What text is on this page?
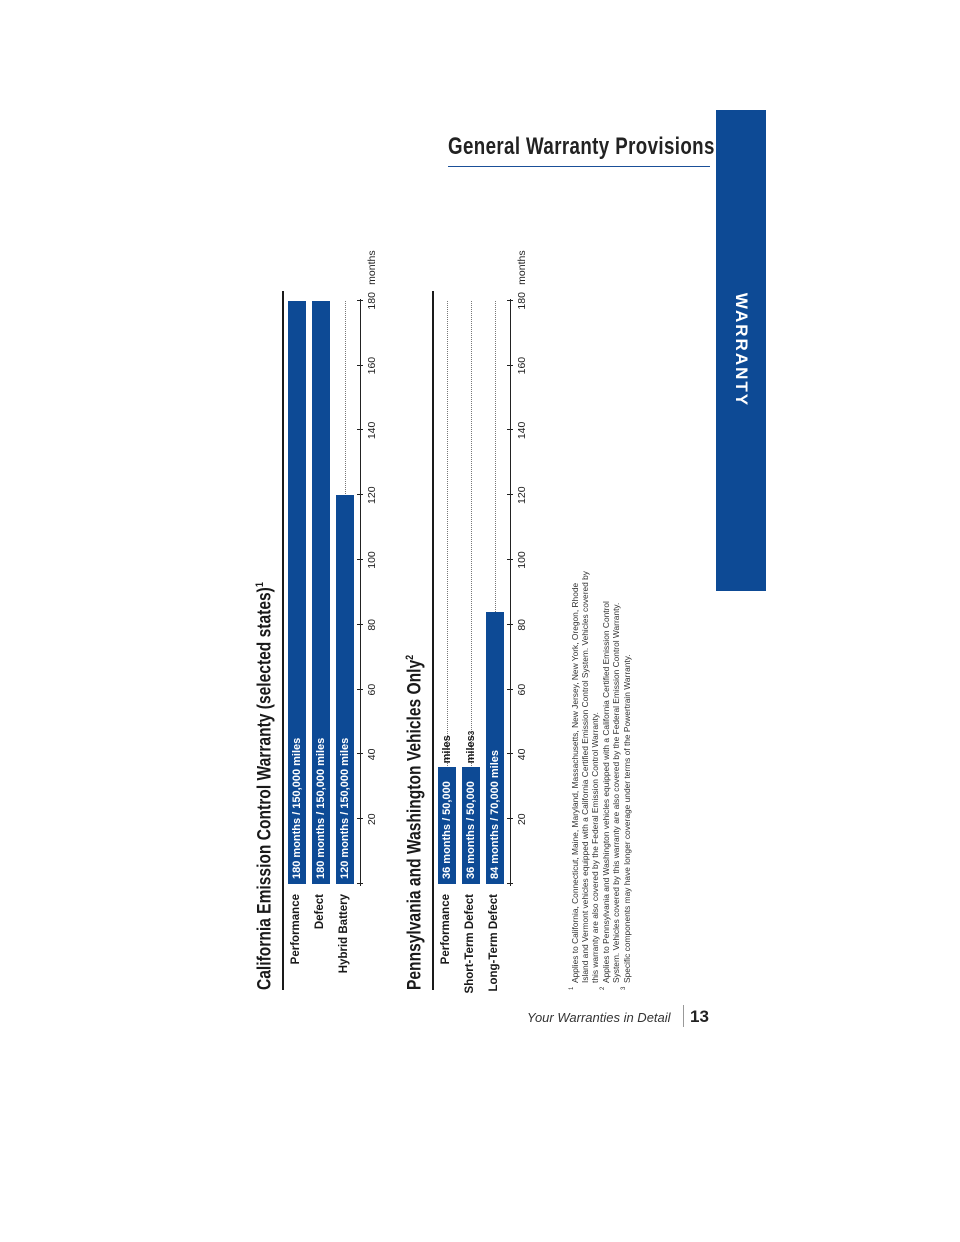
General Warranty Provisions
WARRANTY
California Emission Control Warranty (selected states)$^1$
Performance
180 months / 150,000 miles
Defect
180 months / 150,000 miles
Hybrid Battery
120 months / 150,000 miles 20
40
60
80
100
120
140
160
180
months
Pennsylvania and Washington Vehicles Only$^2$
Performance
36 months / 50,000
miles
Short-Term Defect
36 months / 50,000
miles
3
Long-Term Defect
84 months / 70,000 miles 20
40
60
80
100
120
140
160
180
months
1
Applies to California, Connecticut, Maine, Maryland, Massachusetts, New Jersey, New York, Oregon, Rhode Island and Vermont vehicles equipped with a California Certified Emission Control System. Vehicles covered by this warranty are also covered by the Federal Emission Control Warranty.
2
Applies to Pennsylvania and Washington vehicles equipped with a California Certified Emission Control System. Vehicles covered by this warranty are also covered by the Federal Emission Control Warranty.
3
Specific components may have longer coverage under terms of the Powertrain Warranty.
Your Warranties in Detail 13
